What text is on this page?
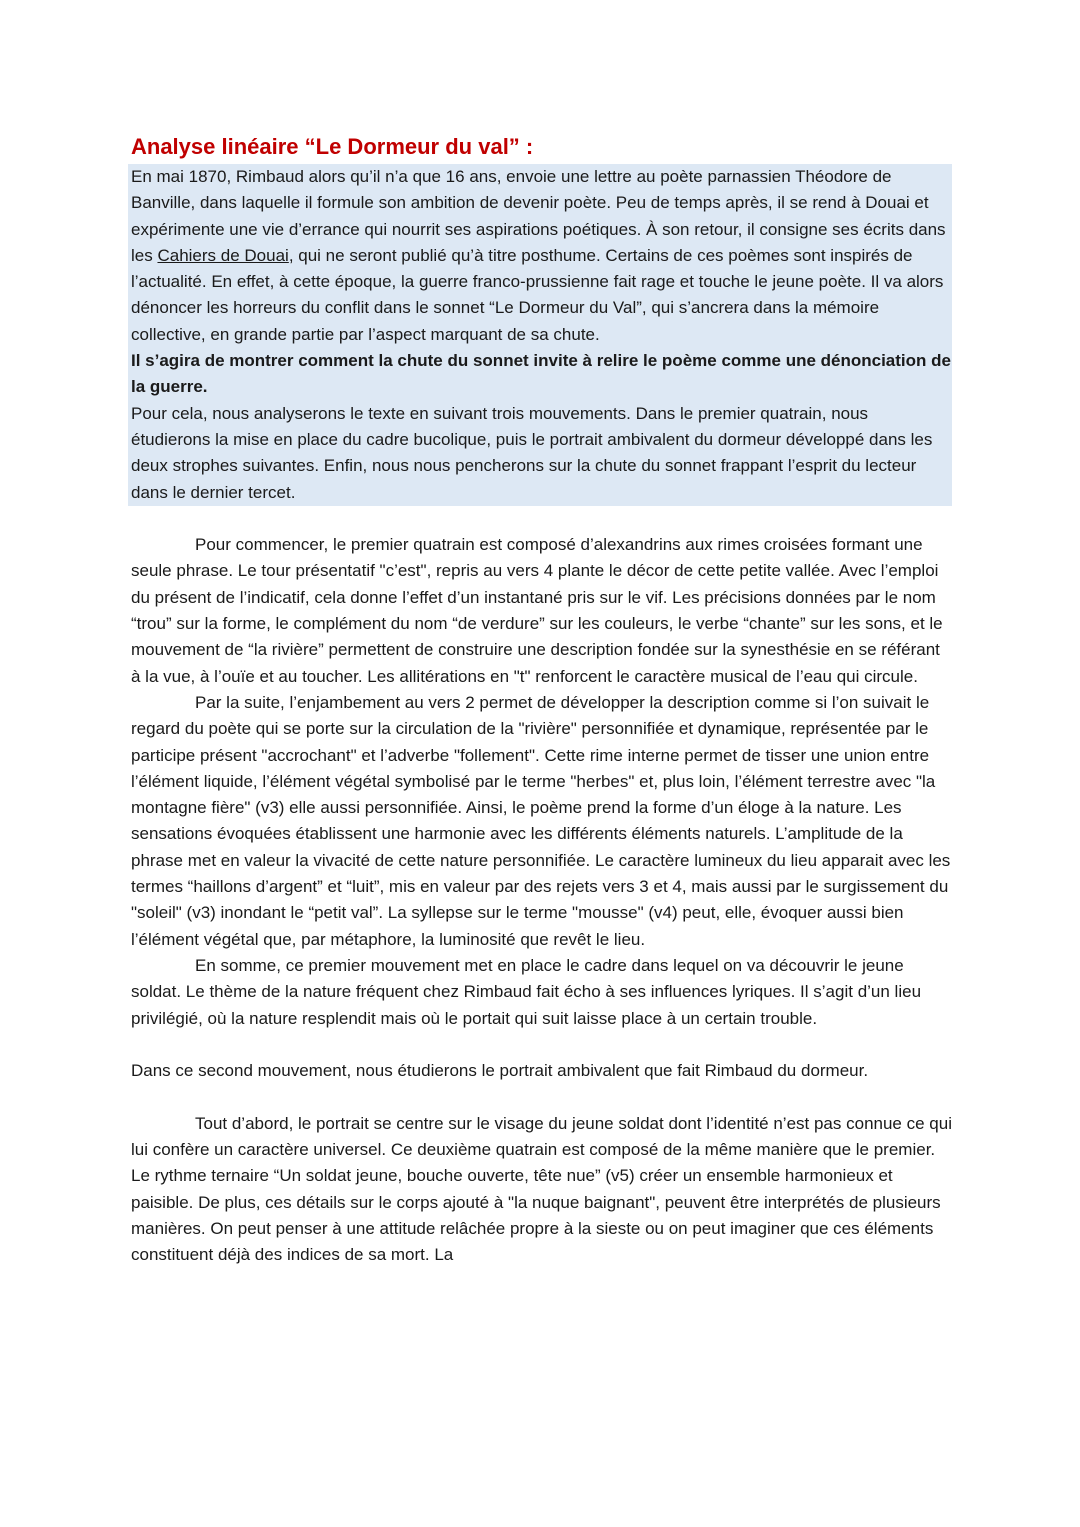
Analyse linéaire “Le Dormeur du val” :

En mai 1870, Rimbaud alors qu’il n’a que 16 ans, envoie une lettre au poète parnassien Théodore de Banville, dans laquelle il formule son ambition de devenir poète. Peu de temps après, il se rend à Douai et expérimente une vie d’errance qui nourrit ses aspirations poétiques. À son retour, il consigne ses écrits dans les Cahiers de Douai, qui ne seront publié qu’à titre posthume. Certains de ces poèmes sont inspirés de l’actualité. En effet, à cette époque, la guerre franco-prussienne fait rage et touche le jeune poète. Il va alors dénoncer les horreurs du conflit dans le sonnet “Le Dormeur du Val”, qui s’ancrera dans la mémoire collective, en grande partie par l’aspect marquant de sa chute.

Il s’agira de montrer comment la chute du sonnet invite à relire le poème comme une dénonciation de la guerre.

Pour cela, nous analyserons le texte en suivant trois mouvements. Dans le premier quatrain, nous étudierons la mise en place du cadre bucolique, puis le portrait ambivalent du dormeur développé dans les deux strophes suivantes. Enfin, nous nous pencherons sur la chute du sonnet frappant l’esprit du lecteur dans le dernier tercet.

Pour commencer, le premier quatrain est composé d’alexandrins aux rimes croisées formant une seule phrase. Le tour présentatif "c’est", repris au vers 4 plante le décor de cette petite vallée. Avec l’emploi du présent de l’indicatif, cela donne l’effet d’un instantané pris sur le vif. Les précisions données par le nom “trou” sur la forme, le complément du nom “de verdure” sur les couleurs, le verbe “chante” sur les sons, et le mouvement de “la rivière” permettent de construire une description fondée sur la synesthésie en se référant à la vue, à l’ouïe et au toucher. Les allitérations en "t" renforcent le caractère musical de l’eau qui circule.

Par la suite, l’enjambement au vers 2 permet de développer la description comme si l’on suivait le regard du poète qui se porte sur la circulation de la "rivière" personnifiée et dynamique, représentée par le participe présent "accrochant" et l’adverbe "follement". Cette rime interne permet de tisser une union entre l’élément liquide, l’élément végétal symbolisé par le terme "herbes" et, plus loin, l’élément terrestre avec "la montagne fière" (v3) elle aussi personnifiée. Ainsi, le poème prend la forme d’un éloge à la nature. Les sensations évoquées établissent une harmonie avec les différents éléments naturels. L’amplitude de la phrase met en valeur la vivacité de cette nature personnifiée. Le caractère lumineux du lieu apparait avec les termes “haillons d’argent” et “luit”, mis en valeur par des rejets vers 3 et 4, mais aussi par le surgissement du "soleil" (v3) inondant le “petit val”. La syllepse sur le terme "mousse" (v4) peut, elle, évoquer aussi bien l’élément végétal que, par métaphore, la luminosité que revêt le lieu.

En somme, ce premier mouvement met en place le cadre dans lequel on va découvrir le jeune soldat. Le thème de la nature fréquent chez Rimbaud fait écho à ses influences lyriques. Il s’agit d’un lieu privilégié, où la nature resplendit mais où le portait qui suit laisse place à un certain trouble.

Dans ce second mouvement, nous étudierons le portrait ambivalent que fait Rimbaud du dormeur.

Tout d’abord, le portrait se centre sur le visage du jeune soldat dont l’identité n’est pas connue ce qui lui confère un caractère universel. Ce deuxième quatrain est composé de la même manière que le premier. Le rythme ternaire “Un soldat jeune, bouche ouverte, tête nue” (v5) créer un ensemble harmonieux et paisible. De plus, ces détails sur le corps ajouté à "la nuque baignant", peuvent être interprétés de plusieurs manières. On peut penser à une attitude relâchée propre à la sieste ou on peut imaginer que ces éléments constituent déjà des indices de sa mort. La
